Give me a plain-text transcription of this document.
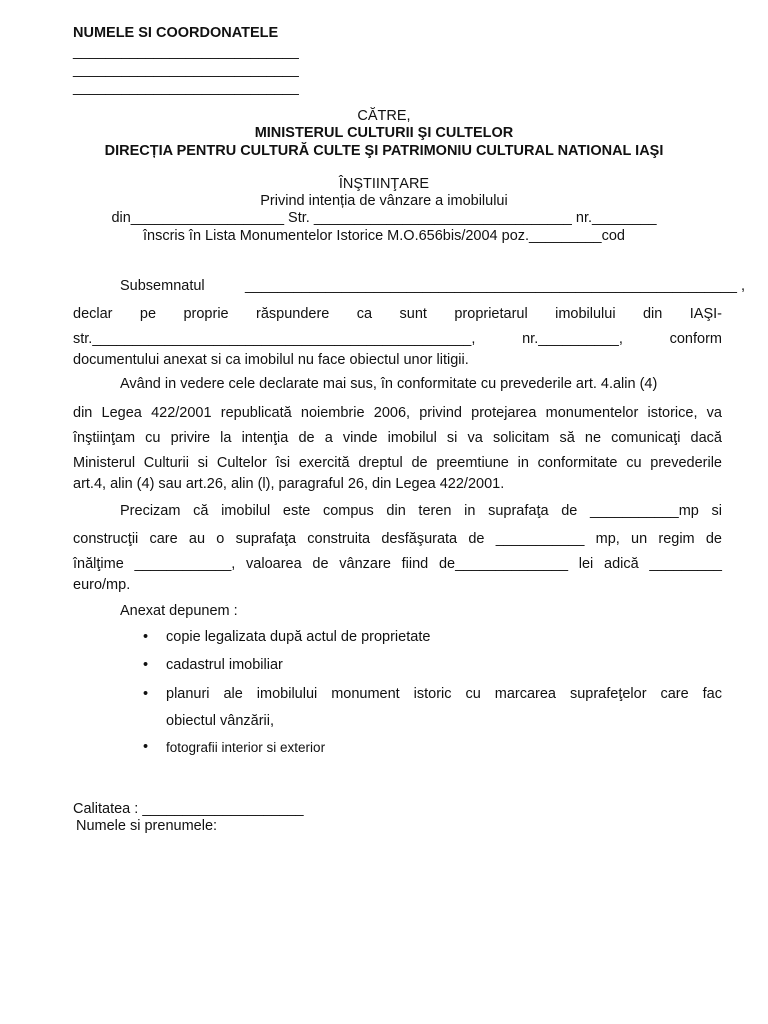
NUMELE SI COORDONATELE
____________________________
____________________________
____________________________
CĂTRE,
MINISTERUL CULTURII ŞI CULTELOR
DIRECȚIA PENTRU CULTURĂ CULTE ŞI PATRIMONIU CULTURAL NATIONAL IAŞI
ÎNŞTIINŢARE
Privind intenția de vânzare a imobilului
din___________________ Str. ________________________________ nr.________
înscris în Lista Monumentelor Istorice M.O.656bis/2004 poz._________cod
Subsemnatul	_____________________________________________________________ ,
declar pe proprie răspundere ca sunt proprietarul imobilului din IAŞI-
str._______________________________________________, nr.__________, conform
documentului anexat si ca imobilul nu face obiectul unor litigii.
Având in vedere cele declarate mai sus, în conformitate cu prevederile art. 4.alin (4)
din Legea 422/2001 republicată noiembrie 2006, privind protejarea monumentelor istorice, va
înştiinţam cu privire la intenţia de a vinde imobilul si va solicitam să ne comunicaţi dacă
Ministerul Culturii si Cultelor îsi exercită dreptul de preemtiune in conformitate cu prevederile
art.4, alin (4) sau art.26, alin (l), paragraful 26, din Legea 422/2001.
Precizam că imobilul este compus din teren in suprafaţa de ___________mp si
construcţii care au o suprafaţa construita desfăşurata de ___________ mp, un regim de
înălţime ____________, valoarea de vânzare fiind de______________ lei adică _________
euro/mp.
Anexat depunem :
• copie legalizata după actul de proprietate
• cadastrul imobiliar
• planuri ale imobilului monument istoric cu marcarea suprafeţelor care fac
obiectul vânzării,
• fotografii interior si exterior
Calitatea : ____________________
Numele si prenumele:
